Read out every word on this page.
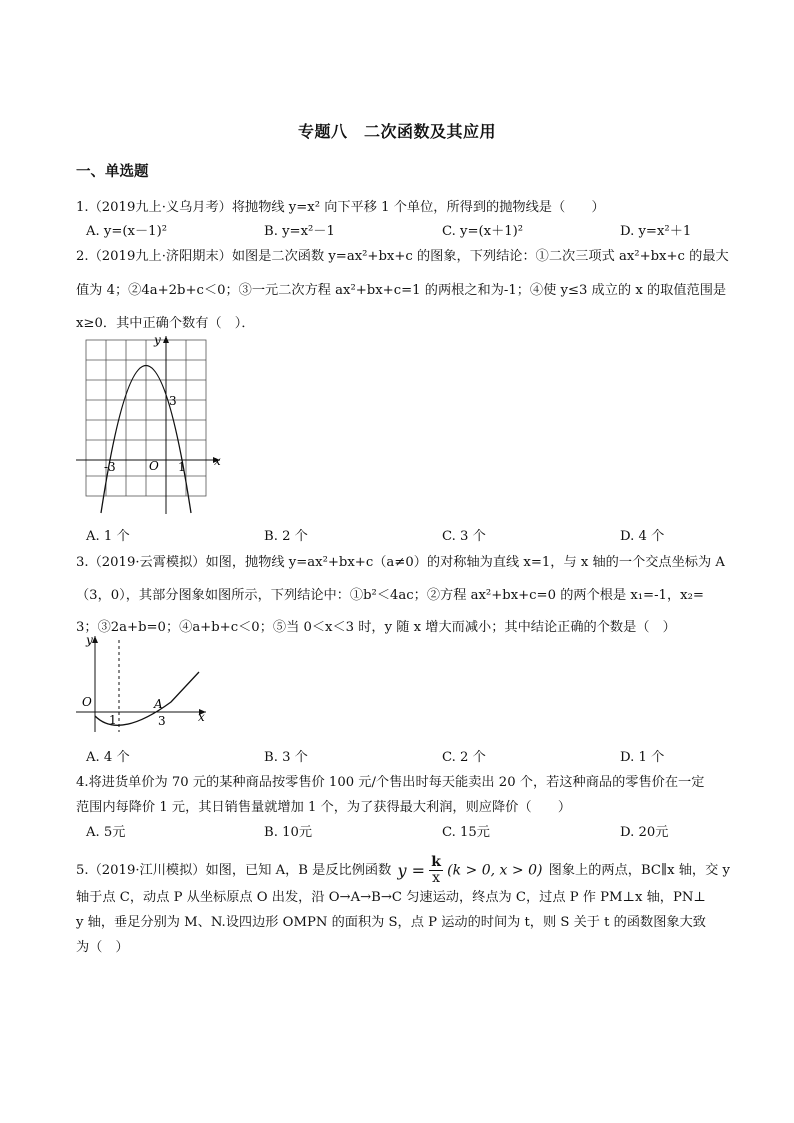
专题八　二次函数及其应用
一、单选题
1.（2019九上·义乌月考）将抛物线 y=x² 向下平移 1 个单位，所得到的抛物线是（　　）
A. y=(x－1)²	B. y=x²－1	C. y=(x＋1)²	D. y=x²＋1
2.（2019九上·济阳期末）如图是二次函数 y=ax²+bx+c 的图象，下列结论：①二次三项式 ax²+bx+c 的最大
值为 4；②4a+2b+c＜0；③一元二次方程 ax²+bx+c=1 的两根之和为-1；④使 y≤3 成立的 x 的取值范围是
x≥0．其中正确个数有（　）．
y
x
O
3
-3	1
A. 1 个	B. 2 个	C. 3 个	D. 4 个
3.（2019·云霄模拟）如图，抛物线 y=ax²+bx+c（a≠0）的对称轴为直线 x=1，与 x 轴的一个交点坐标为 A
（3，0），其部分图象如图所示，下列结论中：①b²＜4ac；②方程 ax²+bx+c=0 的两个根是 x₁=-1，x₂=
3；③2a+b=0；④a+b+c＜0；⑤当 0＜x＜3 时，y 随 x 增大而减小；其中结论正确的个数是（　）
y
x
O
1
A
3
A. 4 个	B. 3 个	C. 2 个	D. 1 个
4.将进货单价为 70 元的某种商品按零售价 100 元/个售出时每天能卖出 20 个，若这种商品的零售价在一定
范围内每降价 1 元，其日销售量就增加 1 个，为了获得最大利润，则应降价（　　）
A. 5元	B. 10元	C. 15元	D. 20元
5.（2019·江川模拟）如图，已知 A，B 是反比例函数 $y = \frac{k}{x} (k > 0$, x > 0) 图象上的两点，BC∥x 轴，交 y
轴于点 C，动点 P 从坐标原点 O 出发，沿 O→A→B→C 匀速运动，终点为 C，过点 P 作 PM⊥x 轴，PN⊥
y 轴，垂足分别为 M、N.设四边形 OMPN 的面积为 S，点 P 运动的时间为 t，则 S 关于 t 的函数图象大致
为（　）
